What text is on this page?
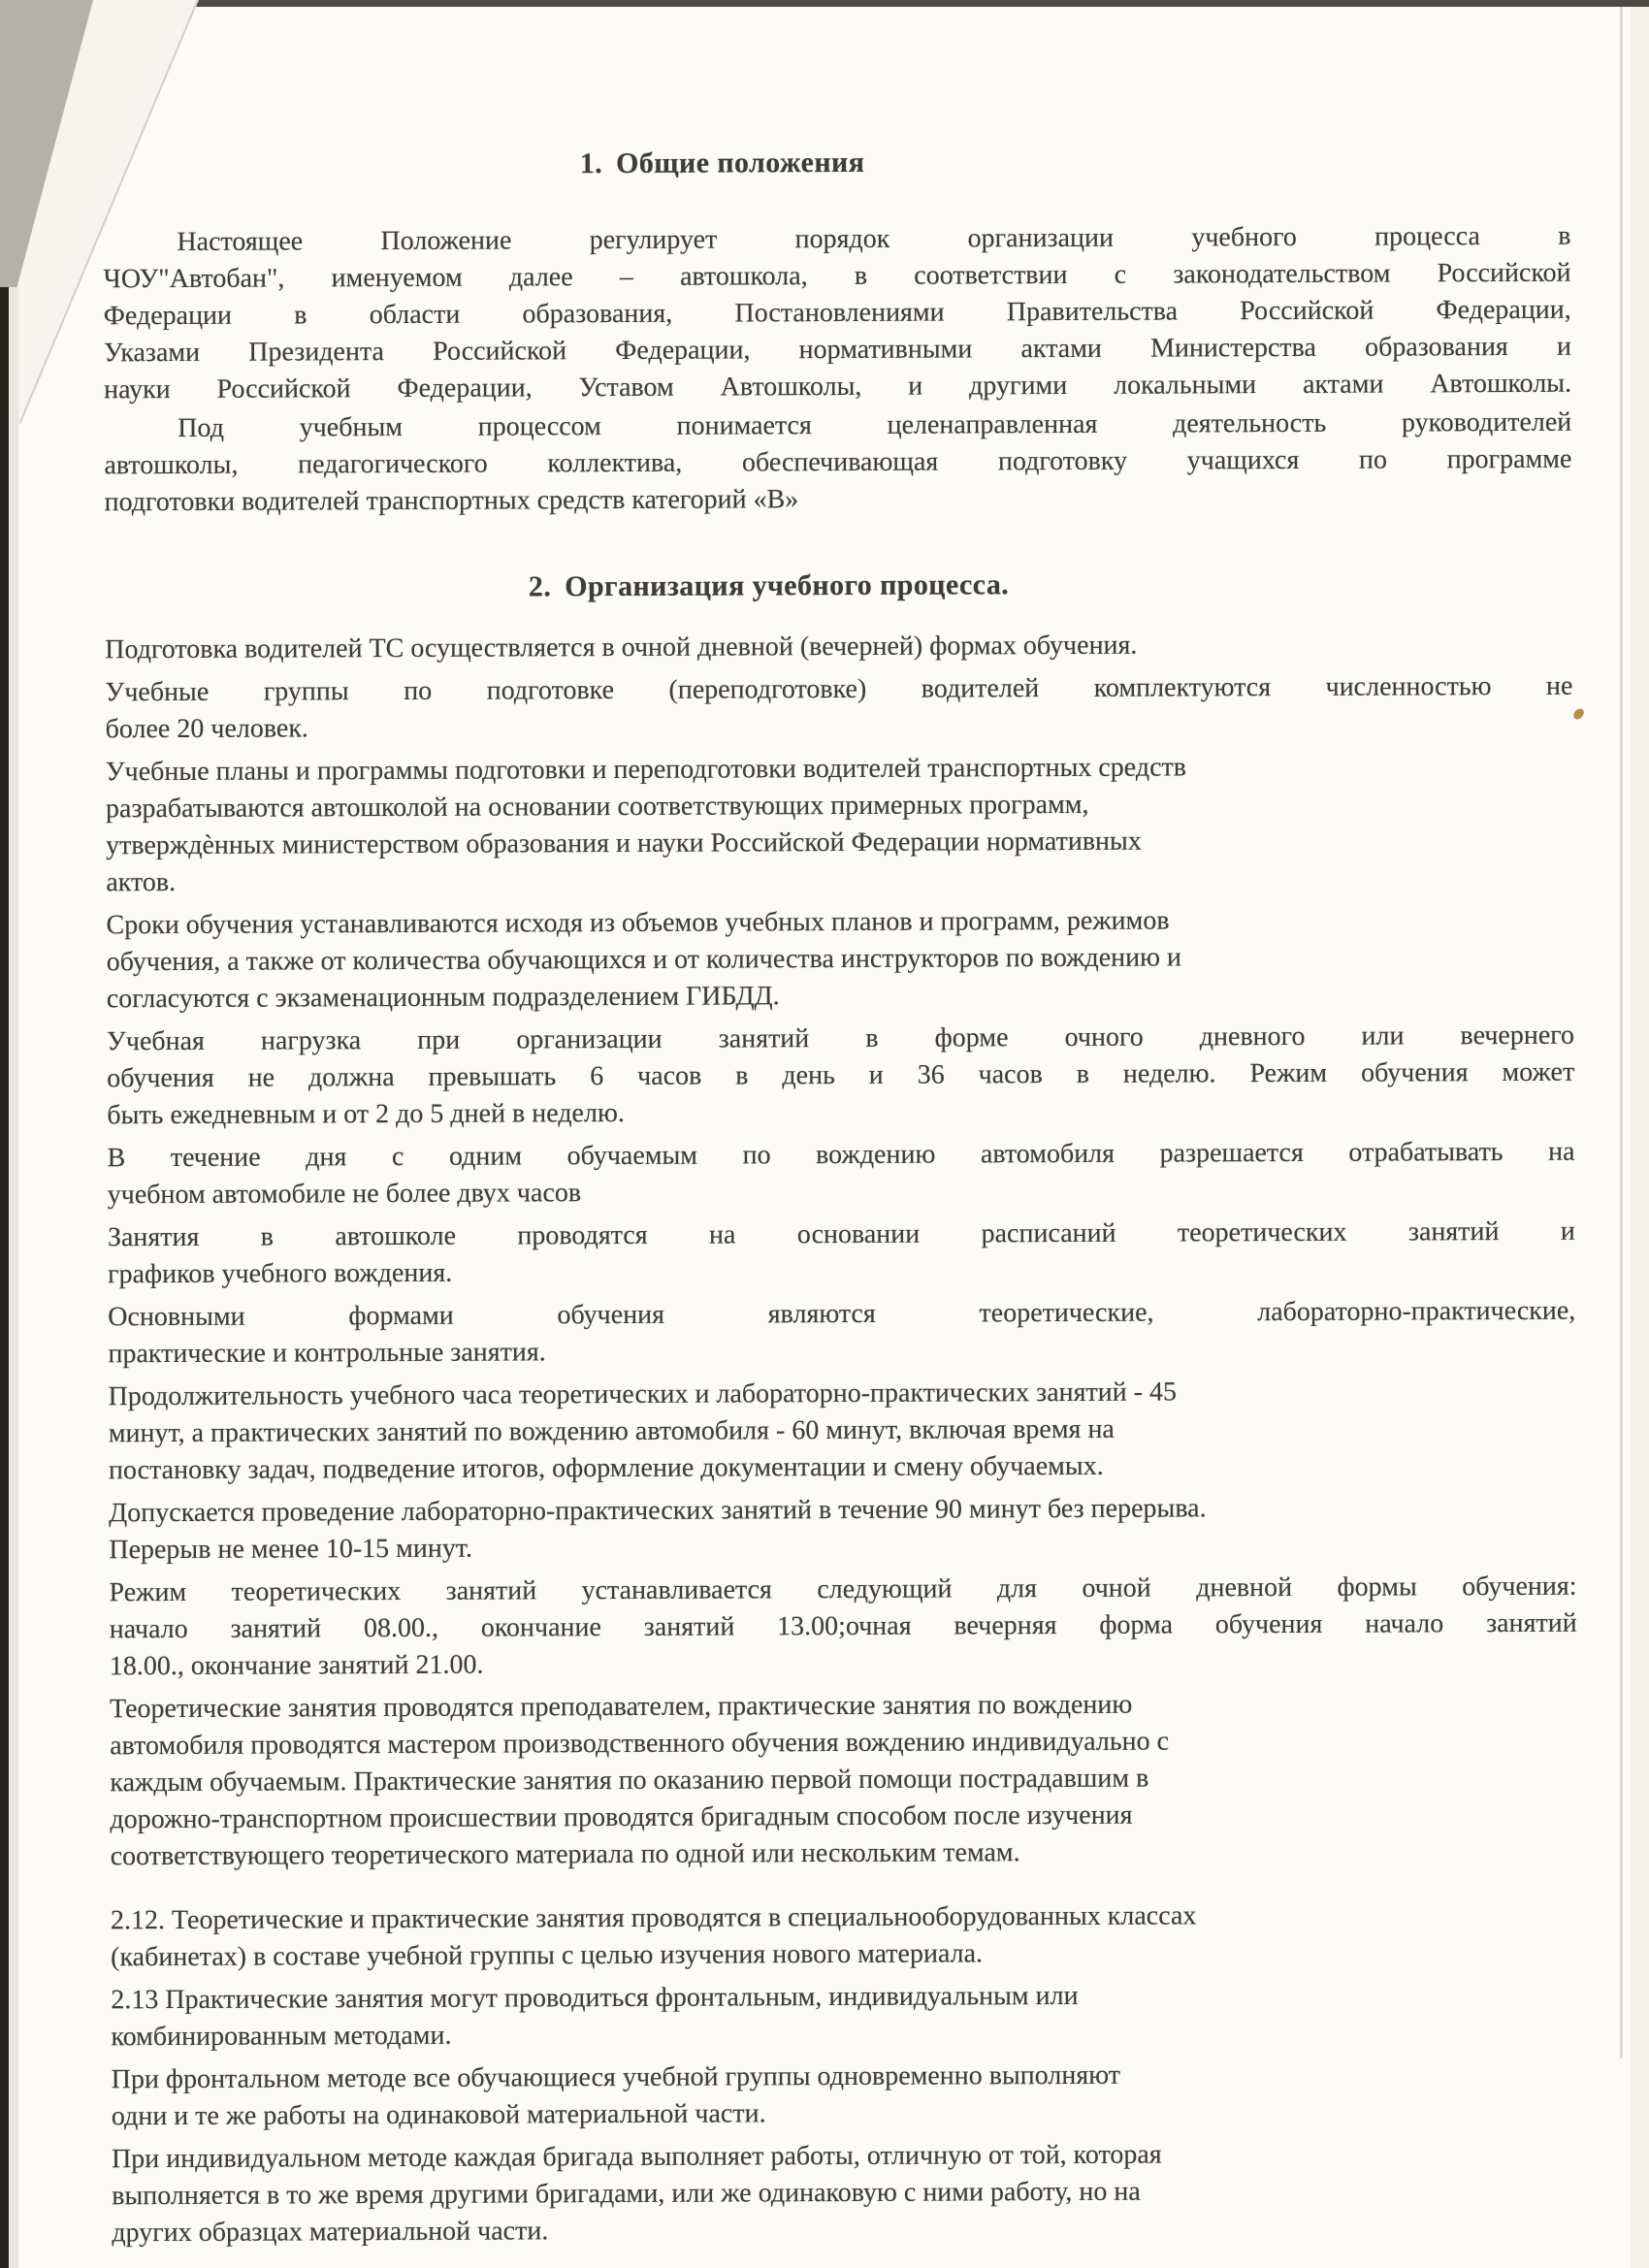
1. Общие положения
Настоящее Положение регулирует порядок организации учебного процесса в
ЧОУ"Автобан", именуемом далее – автошкола, в соответствии с законодательством Российской
Федерации в области образования, Постановлениями Правительства Российской Федерации,
Указами Президента Российской Федерации, нормативными актами Министерства образования и
науки Российской Федерации, Уставом Автошколы, и другими локальными актами Автошколы.
Под учебным процессом понимается целенаправленная деятельность руководителей
автошколы, педагогического коллектива, обеспечивающая подготовку учащихся по программе
подготовки водителей транспортных средств категорий «В»
2. Организация учебного процесса.
Подготовка водителей ТС осуществляется в очной дневной (вечерней) формах обучения.
Учебные группы по подготовке (переподготовке) водителей комплектуются численностью не
более 20 человек.
Учебные планы и программы подготовки и переподготовки водителей транспортных средств
разрабатываются автошколой на основании соответствующих примерных программ,
утверждѐнных министерством образования и науки Российской Федерации нормативных
актов.
Сроки обучения устанавливаются исходя из объемов учебных планов и программ, режимов
обучения, а также от количества обучающихся и от количества инструкторов по вождению и
согласуются с экзаменационным подразделением ГИБДД.
Учебная нагрузка при организации занятий в форме очного дневного или вечернего
обучения не должна превышать 6 часов в день и 36 часов в неделю. Режим обучения может
быть ежедневным и от 2 до 5 дней в неделю.
В течение дня с одним обучаемым по вождению автомобиля разрешается отрабатывать на
учебном автомобиле не более двух часов
Занятия в автошколе проводятся на основании расписаний теоретических занятий и
графиков учебного вождения.
Основными формами обучения являются теоретические, лабораторно-практические,
практические и контрольные занятия.
Продолжительность учебного часа теоретических и лабораторно-практических занятий - 45
минут, а практических занятий по вождению автомобиля - 60 минут, включая время на
постановку задач, подведение итогов, оформление документации и смену обучаемых.
Допускается проведение лабораторно-практических занятий в течение 90 минут без перерыва.
Перерыв не менее 10-15 минут.
Режим теоретических занятий устанавливается следующий для очной дневной формы обучения:
начало занятий 08.00., окончание занятий 13.00;очная вечерняя форма обучения начало занятий
18.00., окончание занятий 21.00.
Теоретические занятия проводятся преподавателем, практические занятия по вождению
автомобиля проводятся мастером производственного обучения вождению индивидуально с
каждым обучаемым. Практические занятия по оказанию первой помощи пострадавшим в
дорожно-транспортном происшествии проводятся бригадным способом после изучения
соответствующего теоретического материала по одной или нескольким темам.
2.12. Теоретические и практические занятия проводятся в специальнооборудованных классах
(кабинетах) в составе учебной группы с целью изучения нового материала.
2.13 Практические занятия могут проводиться фронтальным, индивидуальным или
комбинированным методами.
При фронтальном методе все обучающиеся учебной группы одновременно выполняют
одни и те же работы на одинаковой материальной части.
При индивидуальном методе каждая бригада выполняет работы, отличную от той, которая
выполняется в то же время другими бригадами, или же одинаковую с ними работу, но на
других образцах материальной части.
